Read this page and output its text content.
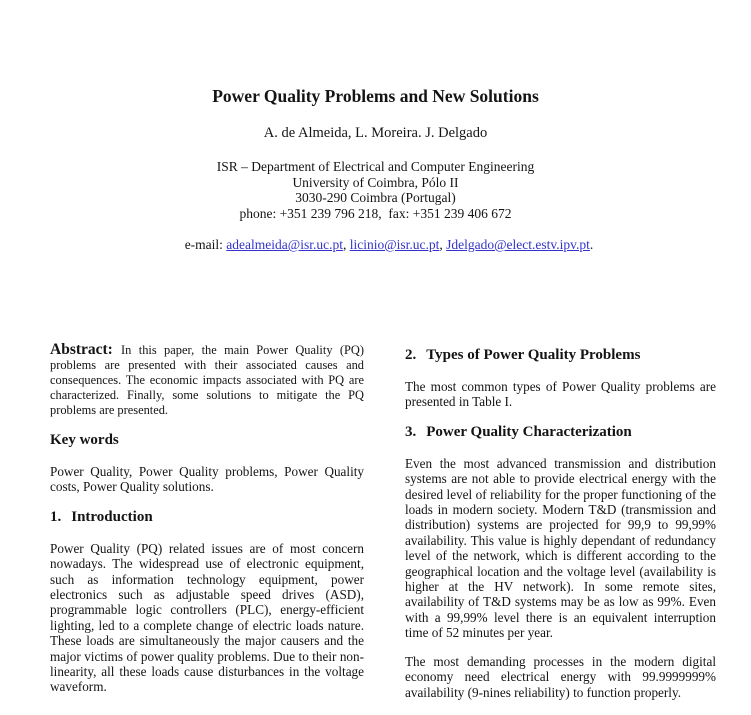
Power Quality Problems and New Solutions
A. de Almeida, L. Moreira. J. Delgado
ISR – Department of Electrical and Computer Engineering
University of Coimbra, Pólo II
3030-290 Coimbra (Portugal)
phone: +351 239 796 218,  fax: +351 239 406 672

e-mail: adealmeida@isr.uc.pt, licinio@isr.uc.pt, Jdelgado@elect.estv.ipv.pt.

Abstract: In this paper, the main Power Quality (PQ) problems are presented with their associated causes and consequences. The economic impacts associated with PQ are characterized. Finally, some solutions to mitigate the PQ problems are presented.

Key words

Power Quality, Power Quality problems, Power Quality costs, Power Quality solutions.

1. Introduction

Power Quality (PQ) related issues are of most concern nowadays. The widespread use of electronic equipment, such as information technology equipment, power electronics such as adjustable speed drives (ASD), programmable logic controllers (PLC), energy-efficient lighting, led to a complete change of electric loads nature. These loads are simultaneously the major causers and the major victims of power quality problems. Due to their non-linearity, all these loads cause disturbances in the voltage waveform.

2. Types of Power Quality Problems

The most common types of Power Quality problems are presented in Table I.

3. Power Quality Characterization

Even the most advanced transmission and distribution systems are not able to provide electrical energy with the desired level of reliability for the proper functioning of the loads in modern society. Modern T&D (transmission and distribution) systems are projected for 99,9 to 99,99% availability. This value is highly dependant of redundancy level of the network, which is different according to the geographical location and the voltage level (availability is higher at the HV network). In some remote sites, availability of T&D systems may be as low as 99%. Even with a 99,99% level there is an equivalent interruption time of 52 minutes per year.

The most demanding processes in the modern digital economy need electrical energy with 99.9999999% availability (9-nines reliability) to function properly.
